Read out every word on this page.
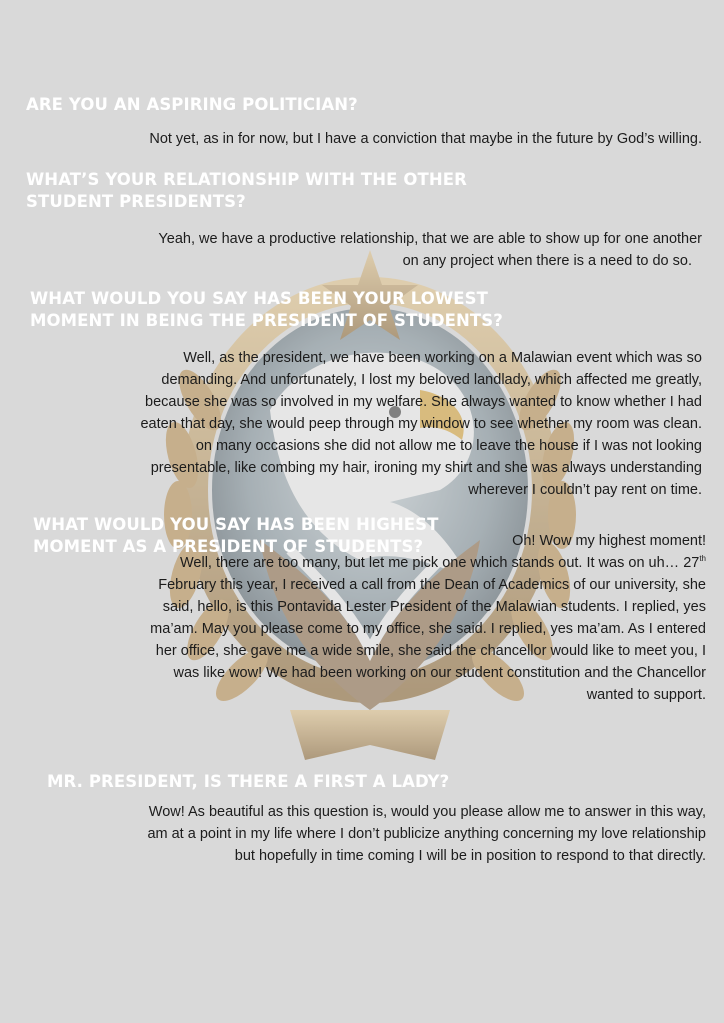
ARE YOU AN ASPIRING POLITICIAN?

Not yet, as in for now, but I have a conviction that maybe in the future by God’s willing.

WHAT’S YOUR RELATIONSHIP WITH THE OTHER
STUDENT PRESIDENTS?

Yeah, we have a productive relationship, that we are able to show up for one another
on any project when there is a need to do so.

WHAT WOULD YOU SAY HAS BEEN YOUR LOWEST
MOMENT IN BEING THE PRESIDENT OF STUDENTS?

Well, as the president, we have been working on a Malawian event which was so
demanding. And unfortunately, I lost my beloved landlady, which affected me greatly,
because she was so involved in my welfare. She always wanted to know whether I had
eaten that day, she would peep through my window to see whether my room was clean.
on many occasions she did not allow me to leave the house if I was not looking
presentable, like combing my hair, ironing my shirt and she was always understanding
wherever I couldn’t pay rent on time.

WHAT WOULD YOU SAY HAS BEEN HIGHEST
MOMENT AS A PRESIDENT OF STUDENTS?	Oh! Wow my highest moment!
Well, there are too many, but let me pick one which stands out. It was on uh… 27th
February this year, I received a call from the Dean of Academics of our university, she
said, hello, is this Pontavida Lester President of the Malawian students. I replied, yes
ma’am. May you please come to my office, she said. I replied, yes ma’am. As I entered
her office, she gave me a wide smile, she said the chancellor would like to meet you, I
was like wow! We had been working on our student constitution and the Chancellor
wanted to support.

MR. PRESIDENT, IS THERE A FIRST A LADY?

Wow! As beautiful as this question is, would you please allow me to answer in this way,
am at a point in my life where I don’t publicize anything concerning my love relationship
but hopefully in time coming I will be in position to respond to that directly.
